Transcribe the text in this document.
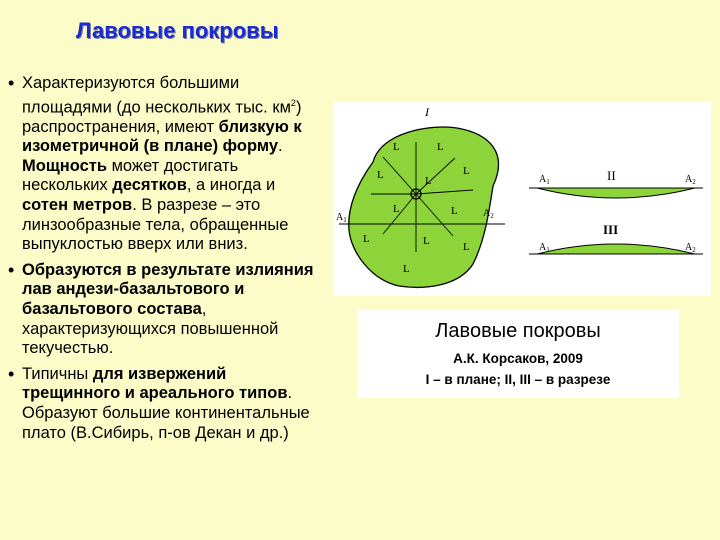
Лавовые покровы
• Характеризуются большими площадями (до нескольких тыс. $км^2$) распространения, имеют близкую к изометричной (в плане) форму. Мощность может достигать нескольких десятков, а иногда и сотен метров. В разрезе – это линзообразные тела, обращенные выпуклостью вверх или вниз.
• Образуются в результате излияния лав андези-базальтового и базальтового состава, характеризующихся повышенной текучестью.
• Типичны для извержений трещинного и ареального типов. Образуют большие континентальные плато (В.Сибирь, п-ов Декан и др.)
L	L
L
L	L
L	L
L	L	L
L
I
$A_1$
$A_2$
II
$A_1$	$A_2$
III
$A_1$	$A_2$
Лавовые покровы
А.К. Корсаков, 2009
I – в плане; II, III – в разрезе
